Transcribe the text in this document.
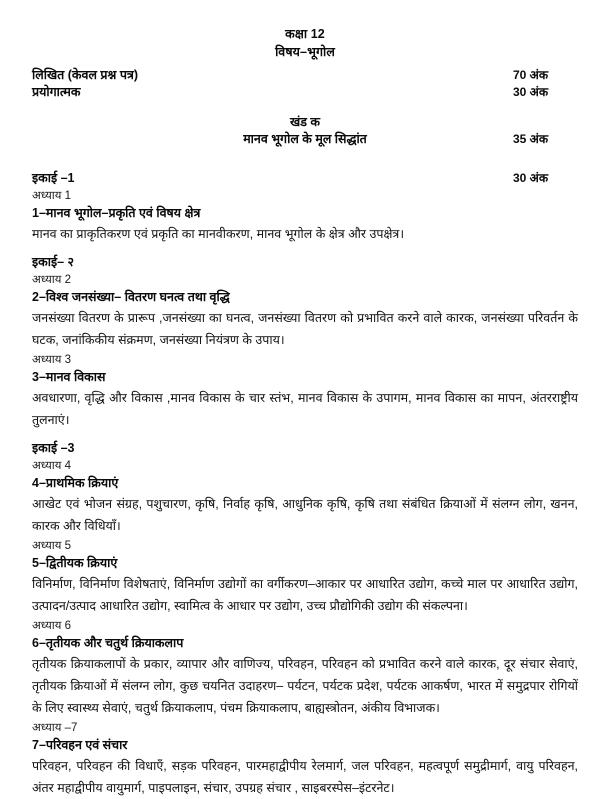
कक्षा 12
विषय–भूगोल
लिखित (केवल प्रश्न पत्र)	70 अंक
प्रयोगात्मक	30 अंक
खंड क
मानव भूगोल के मूल सिद्धांत	35 अंक
इकाई –1	30 अंक
अध्याय 1
1–मानव भूगोल–प्रकृति एवं विषय क्षेत्र
मानव का प्राकृतिकरण एवं प्रकृति का मानवीकरण, मानव भूगोल के क्षेत्र और उपक्षेत्र।
इकाई– २
अध्याय 2
2–विश्व जनसंख्या– वितरण घनत्व तथा वृद्धि
जनसंख्या वितरण के प्रारूप ,जनसंख्या का घनत्व, जनसंख्या वितरण को प्रभावित करने वाले कारक, जनसंख्या परिवर्तन के घटक, जनांकिकीय संक्रमण, जनसंख्या नियंत्रण के उपाय।
अध्याय 3
3–मानव विकास
अवधारणा, वृद्धि और विकास ,मानव विकास के चार स्तंभ, मानव विकास के उपागम, मानव विकास का मापन, अंतरराष्ट्रीय तुलनाएं।
इकाई –3
अध्याय 4
4–प्राथमिक क्रियाएं
आखेट एवं भोजन संग्रह, पशुचारण, कृषि, निर्वाह कृषि, आधुनिक कृषि, कृषि तथा संबंधित क्रियाओं में संलग्न लोग, खनन, कारक और विधियाँ।
अध्याय 5
5–द्वितीयक क्रियाएं
विनिर्माण, विनिर्माण विशेषताएं, विनिर्माण उद्योगों का वर्गीकरण–आकार पर आधारित उद्योग, कच्चे माल पर आधारित उद्योग, उत्पादन/उत्पाद आधारित उद्योग, स्वामित्व के आधार पर उद्योग, उच्च प्रौद्योगिकी उद्योग की संकल्पना।
अध्याय 6
6–तृतीयक और चतुर्थ क्रियाकलाप
तृतीयक क्रियाकलापों के प्रकार, व्यापार और वाणिज्य, परिवहन, परिवहन को प्रभावित करने वाले कारक, दूर संचार सेवाएं, तृतीयक क्रियाओं में संलग्न लोग, कुछ चयनित उदाहरण– पर्यटन, पर्यटक प्रदेश, पर्यटक आकर्षण, भारत में समुद्रपार रोगियों के लिए स्वास्थ्य सेवाएं, चतुर्थ क्रियाकलाप, पंचम क्रियाकलाप, बाह्यस्त्रोतन, अंकीय विभाजक।
अध्याय –7
7–परिवहन एवं संचार
परिवहन, परिवहन की विधाऍं, सड़क परिवहन, पारमहाद्वीपीय रेलमार्ग, जल परिवहन, महत्वपूर्ण समुद्रीमार्ग, वायु परिवहन, अंतर महाद्वीपीय वायुमार्ग, पाइपलाइन, संचार, उपग्रह संचार , साइबरस्पेस–इंटरनेट।
